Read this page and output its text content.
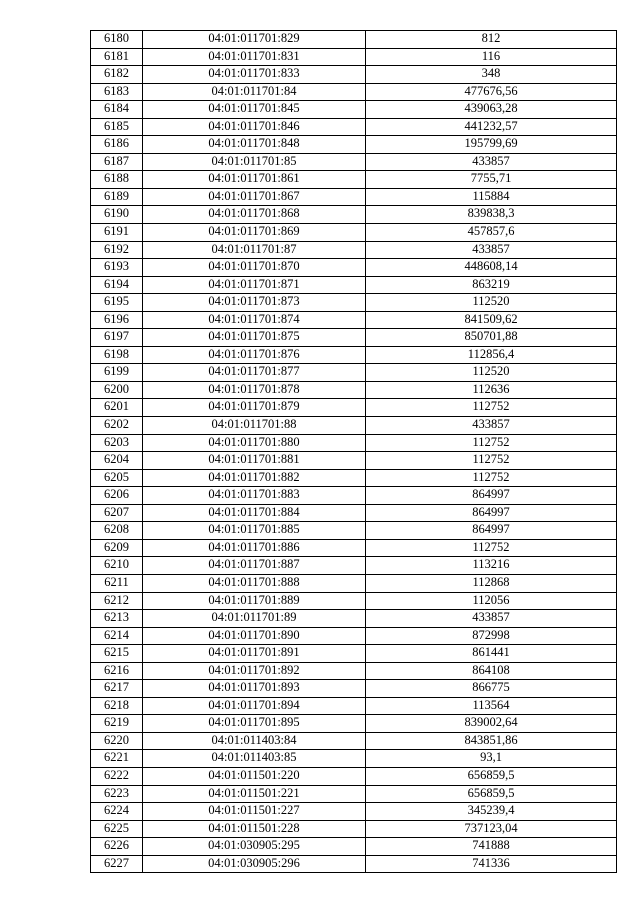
6180	04:01:011701:829	812
6181	04:01:011701:831	116
6182	04:01:011701:833	348
6183	04:01:011701:84	477676,56
6184	04:01:011701:845	439063,28
6185	04:01:011701:846	441232,57
6186	04:01:011701:848	195799,69
6187	04:01:011701:85	433857
6188	04:01:011701:861	7755,71
6189	04:01:011701:867	115884
6190	04:01:011701:868	839838,3
6191	04:01:011701:869	457857,6
6192	04:01:011701:87	433857
6193	04:01:011701:870	448608,14
6194	04:01:011701:871	863219
6195	04:01:011701:873	112520
6196	04:01:011701:874	841509,62
6197	04:01:011701:875	850701,88
6198	04:01:011701:876	112856,4
6199	04:01:011701:877	112520
6200	04:01:011701:878	112636
6201	04:01:011701:879	112752
6202	04:01:011701:88	433857
6203	04:01:011701:880	112752
6204	04:01:011701:881	112752
6205	04:01:011701:882	112752
6206	04:01:011701:883	864997
6207	04:01:011701:884	864997
6208	04:01:011701:885	864997
6209	04:01:011701:886	112752
6210	04:01:011701:887	113216
6211	04:01:011701:888	112868
6212	04:01:011701:889	112056
6213	04:01:011701:89	433857
6214	04:01:011701:890	872998
6215	04:01:011701:891	861441
6216	04:01:011701:892	864108
6217	04:01:011701:893	866775
6218	04:01:011701:894	113564
6219	04:01:011701:895	839002,64
6220	04:01:011403:84	843851,86
6221	04:01:011403:85	93,1
6222	04:01:011501:220	656859,5
6223	04:01:011501:221	656859,5
6224	04:01:011501:227	345239,4
6225	04:01:011501:228	737123,04
6226	04:01:030905:295	741888
6227	04:01:030905:296	741336
